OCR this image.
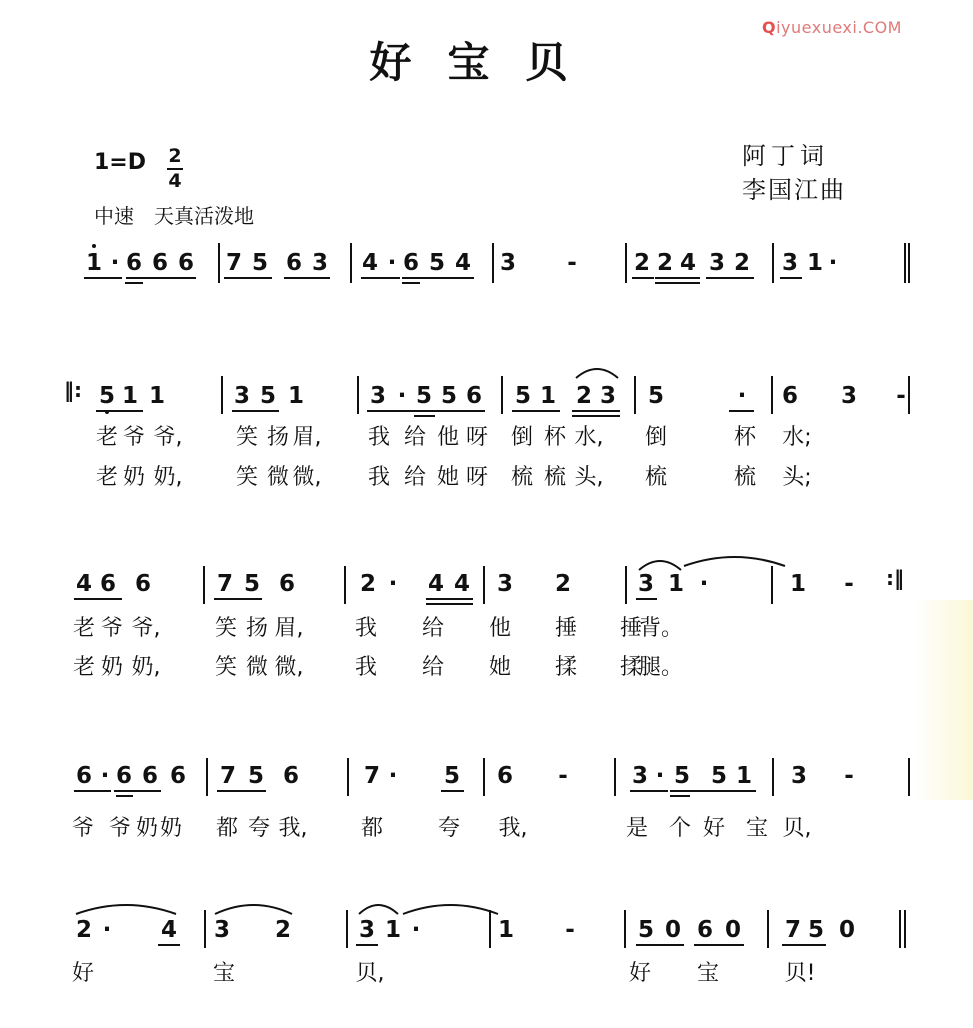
Qiyuexuexi.COM
好宝贝
阿丁词
李国江曲
1=D 2
4
中速　天真活泼地
1 · 6 6 6 7 5 6 3 4 · 6 5 4 3 - 2 2 4 3 2 3 1 ·
‖: 5 1 1	3 5 1	3 · 5 5 6 5 1 2 3 5	· 6 3 -
老 爷 爷, 笑 扬 眉, 我 给 他 呀 倒 杯 水, 倒	杯 水;
老 奶 奶, 笑 微 微, 我 给 她 呀 梳 梳 头, 梳	梳 头;
4 6 6	7 5 6	2 · 4 4 3 2	3 1 ·	1 - :‖
老 爷 爷, 笑 扬 眉, 我 给 他 捶 捶
背。
老 奶 奶, 笑 微 微, 我 给 她 揉 揉
腿。
6 · 6 6 6 7 5 6	7 · 5 6 -	3 · 5 5 1 3 -
爷 爷 奶 奶 都 夸 我, 都 夸 我,	是 个 好 宝 贝,
2 · 4 3 2	3 1 ·	1 -	5 0 6 0 7 5 0
好	宝	贝,	好 宝	贝!
